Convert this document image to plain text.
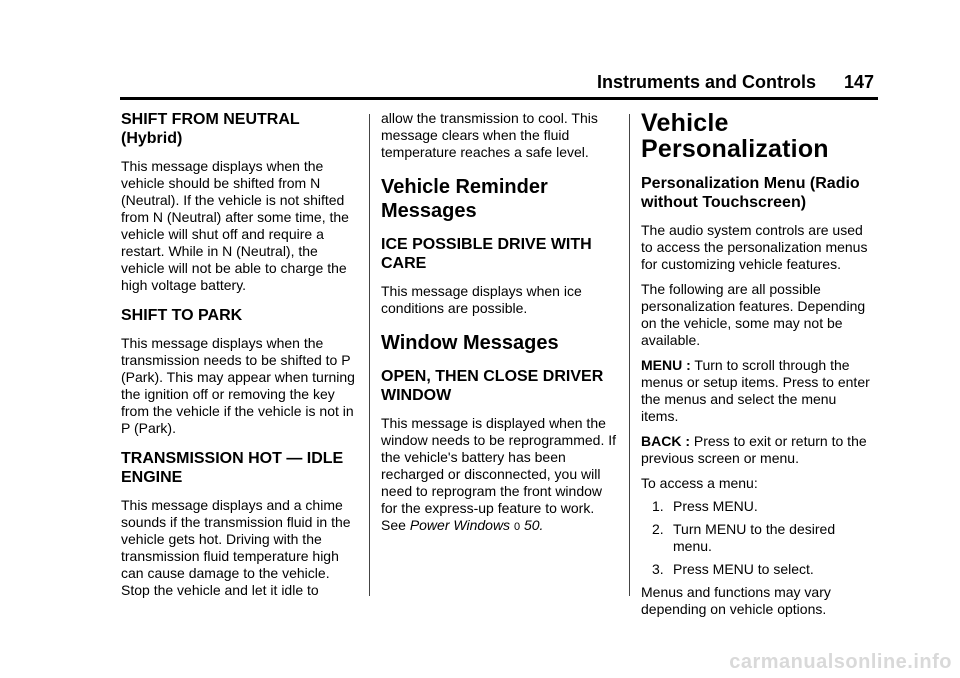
Instruments and Controls 147
SHIFT FROM NEUTRAL (Hybrid)

This message displays when the vehicle should be shifted from N (Neutral). If the vehicle is not shifted from N (Neutral) after some time, the vehicle will shut off and require a restart. While in N (Neutral), the vehicle will not be able to charge the high voltage battery.

SHIFT TO PARK

This message displays when the transmission needs to be shifted to P (Park). This may appear when turning the ignition off or removing the key from the vehicle if the vehicle is not in P (Park).

TRANSMISSION HOT — IDLE ENGINE

This message displays and a chime sounds if the transmission fluid in the vehicle gets hot. Driving with the transmission fluid temperature high can cause damage to the vehicle. Stop the vehicle and let it idle to

allow the transmission to cool. This message clears when the fluid temperature reaches a safe level.

Vehicle Reminder Messages
ICE POSSIBLE DRIVE WITH CARE

This message displays when ice conditions are possible.

Window Messages
OPEN, THEN CLOSE DRIVER WINDOW

This message is displayed when the window needs to be reprogrammed. If the vehicle's battery has been recharged or disconnected, you will need to reprogram the front window for the express-up feature to work. See Power Windows 0 50.

Vehicle Personalization
Personalization Menu (Radio without Touchscreen)

The audio system controls are used to access the personalization menus for customizing vehicle features.

The following are all possible personalization features. Depending on the vehicle, some may not be available.

MENU : Turn to scroll through the menus or setup items. Press to enter the menus and select the menu items.

BACK : Press to exit or return to the previous screen or menu.

To access a menu:

1. Press MENU.
2. Turn MENU to the desired menu.
3. Press MENU to select.

Menus and functions may vary depending on vehicle options.

carmanualsonline.info
